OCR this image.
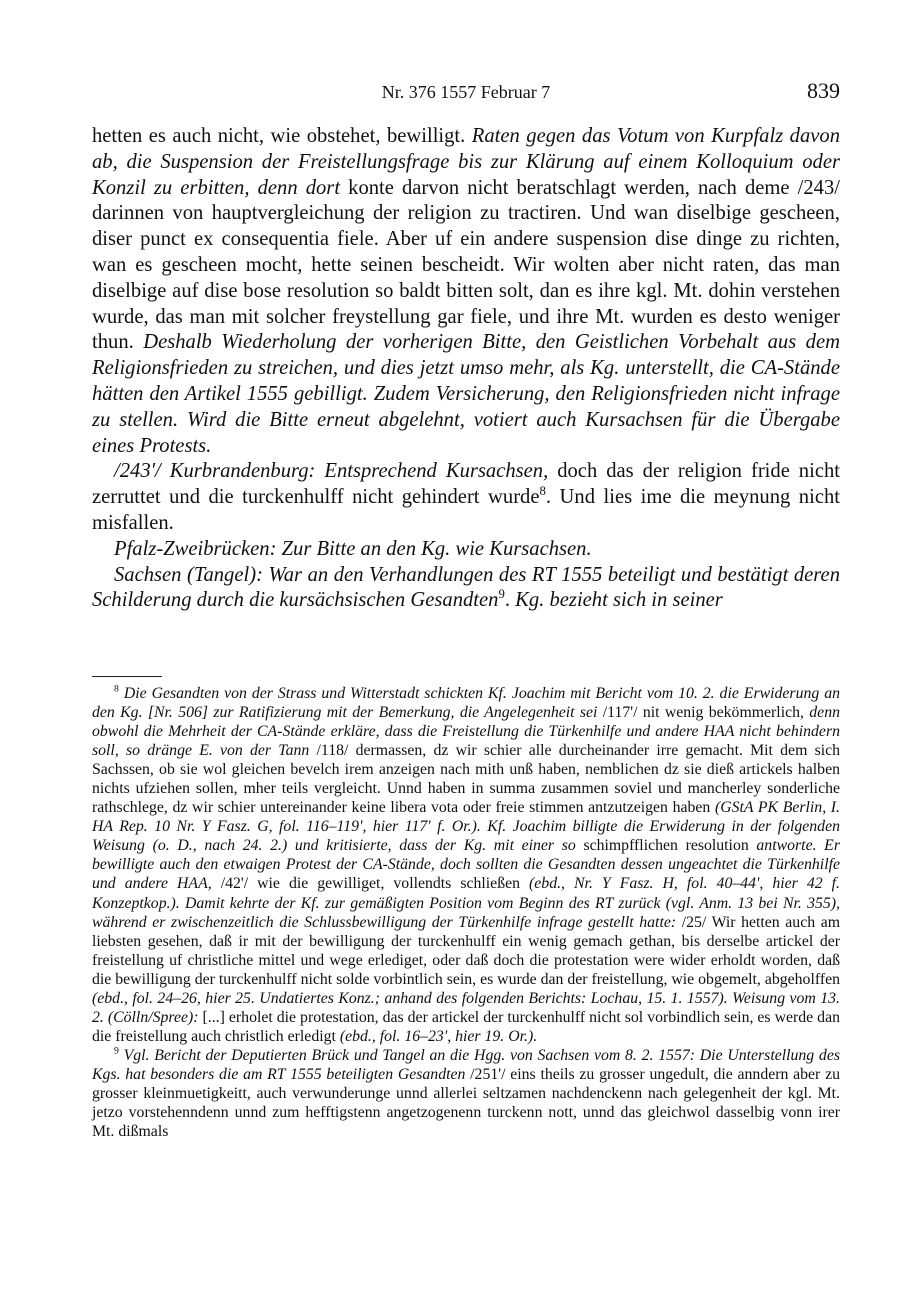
Nr. 376 1557 Februar 7	839

hetten es auch nicht, wie obstehet, bewilligt. Raten gegen das Votum von Kurpfalz davon ab, die Suspension der Freistellungsfrage bis zur Klärung auf einem Kolloquium oder Konzil zu erbitten, denn dort konte darvon nicht beratschlagt werden, nach deme /243/ darinnen von hauptvergleichung der religion zu tractiren. Und wan diselbige gescheen, diser punct ex consequentia fiele. Aber uf ein andere suspension dise dinge zu richten, wan es gescheen mocht, hette seinen bescheidt. Wir wolten aber nicht raten, das man diselbige auf dise bose resolution so baldt bitten solt, dan es ihre kgl. Mt. dohin verstehen wurde, das man mit solcher freystellung gar fiele, und ihre Mt. wurden es desto weniger thun. Deshalb Wiederholung der vorherigen Bitte, den Geistlichen Vorbehalt aus dem Religionsfrieden zu streichen, und dies jetzt umso mehr, als Kg. unterstellt, die CA-Stände hätten den Artikel 1555 gebilligt. Zudem Versicherung, den Religionsfrieden nicht infrage zu stellen. Wird die Bitte erneut abgelehnt, votiert auch Kursachsen für die Übergabe eines Protests.

/243'/ Kurbrandenburg: Entsprechend Kursachsen, doch das der religion fride nicht zerruttet und die turckenhulff nicht gehindert wurde$^8$. Und lies ime die meynung nicht misfallen.

Pfalz-Zweibrücken: Zur Bitte an den Kg. wie Kursachsen.

Sachsen (Tangel): War an den Verhandlungen des RT 1555 beteiligt und bestätigt deren Schilderung durch die kursächsischen Gesandten$^9$. Kg. bezieht sich in seiner

$^8$ Die Gesandten von der Strass und Witterstadt schickten Kf. Joachim mit Bericht vom 10. 2. die Erwiderung an den Kg. [Nr. 506] zur Ratifizierung mit der Bemerkung, die Angelegenheit sei /117'/ nit wenig bekömmerlich, denn obwohl die Mehrheit der CA-Stände erkläre, dass die Freistellung die Türkenhilfe und andere HAA nicht behindern soll, so dränge E. von der Tann /118/ dermassen, dz wir schier alle durcheinander irre gemacht. Mit dem sich Sachssen, ob sie wol gleichen bevelch irem anzeigen nach mith unß haben, nemblichen dz sie dieß artickels halben nichts ufziehen sollen, mher teils vergleicht. Unnd haben in summa zusammen soviel und mancherley sonderliche rathschlege, dz wir schier untereinander keine libera vota oder freie stimmen antzutzeigen haben (GStA PK Berlin, I. HA Rep. 10 Nr. Y Fasz. G, fol. 116–119', hier 117' f. Or.). Kf. Joachim billigte die Erwiderung in der folgenden Weisung (o. D., nach 24. 2.) und kritisierte, dass der Kg. mit einer so schimpfflichen resolution antworte. Er bewilligte auch den etwaigen Protest der CA-Stände, doch sollten die Gesandten dessen ungeachtet die Türkenhilfe und andere HAA, /42'/ wie die gewilliget, vollendts schließen (ebd., Nr. Y Fasz. H, fol. 40–44', hier 42 f. Konzeptkop.). Damit kehrte der Kf. zur gemäßigten Position vom Beginn des RT zurück (vgl. Anm. 13 bei Nr. 355), während er zwischenzeitlich die Schlussbewilligung der Türkenhilfe infrage gestellt hatte: /25/ Wir hetten auch am liebsten gesehen, daß ir mit der bewilligung der turckenhulff ein wenig gemach gethan, bis derselbe artickel der freistellung uf christliche mittel und wege erlediget, oder daß doch die protestation were wider erholdt worden, daß die bewilligung der turckenhulff nicht solde vorbintlich sein, es wurde dan der freistellung, wie obgemelt, abgeholffen (ebd., fol. 24–26, hier 25. Undatiertes Konz.; anhand des folgenden Berichts: Lochau, 15. 1. 1557). Weisung vom 13. 2. (Cölln/Spree): [...] erholet die protestation, das der artickel der turckenhulff nicht sol vorbindlich sein, es werde dan die freistellung auch christlich erledigt (ebd., fol. 16–23', hier 19. Or.).

$^9$ Vgl. Bericht der Deputierten Brück und Tangel an die Hgg. von Sachsen vom 8. 2. 1557: Die Unterstellung des Kgs. hat besonders die am RT 1555 beteiligten Gesandten /251'/ eins theils zu grosser ungedult, die anndern aber zu grosser kleinmuetigkeitt, auch verwunderunge unnd allerlei seltzamen nachdenckenn nach gelegenheit der kgl. Mt. jetzo vorstehenndenn unnd zum hefftigstenn angetzogenenn turckenn nott, unnd das gleichwol dasselbig vonn irer Mt. dißmals
